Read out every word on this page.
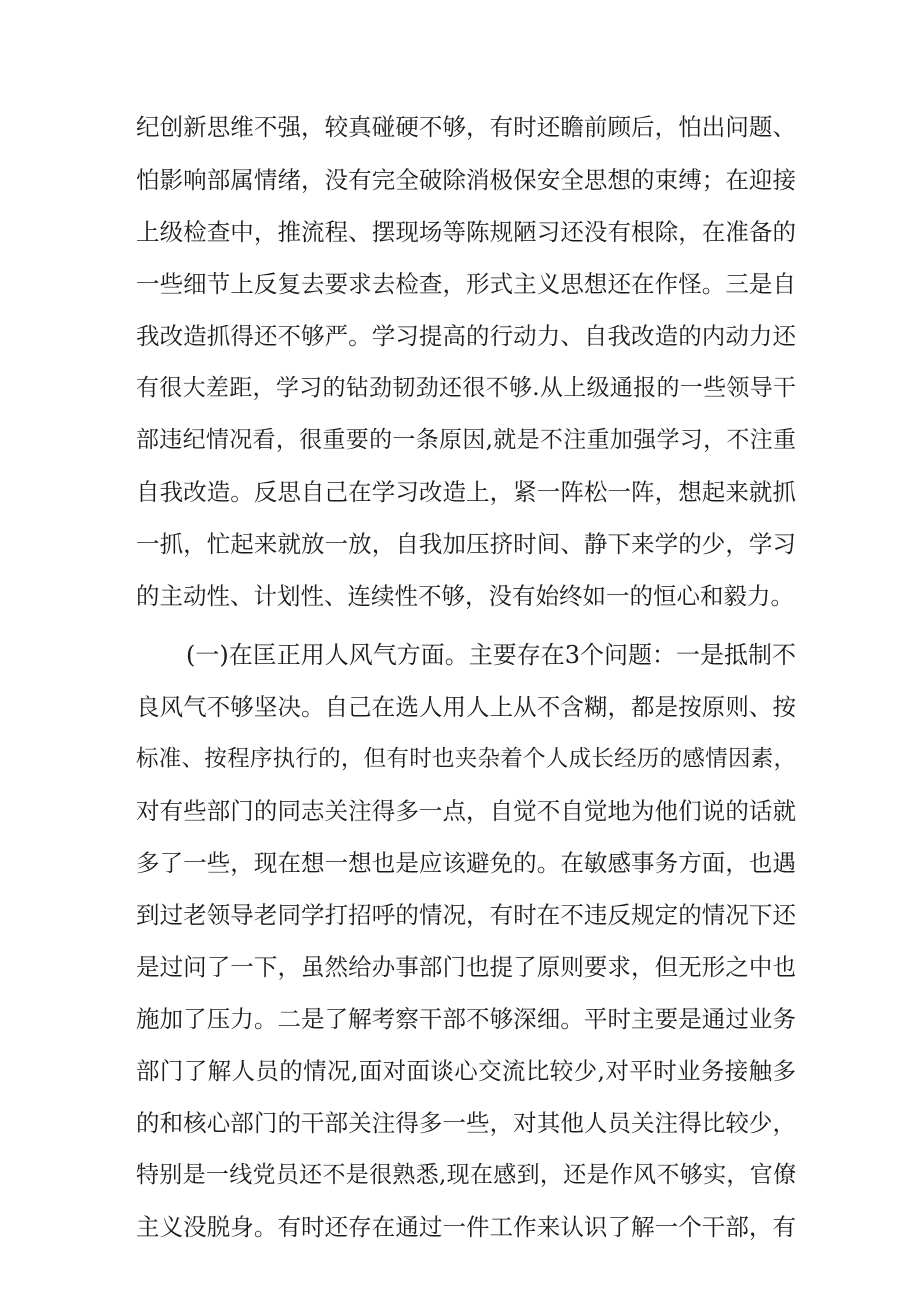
纪创新思维不强，较真碰硬不够，有时还瞻前顾后，怕出问题、
怕影响部属情绪，没有完全破除消极保安全思想的束缚；在迎接
上级检查中，推流程、摆现场等陈规陋习还没有根除，在准备的
一些细节上反复去要求去检查，形式主义思想还在作怪。三是自
我改造抓得还不够严。学习提高的行动力、自我改造的内动力还
有很大差距，学习的钻劲韧劲还很不够.从上级通报的一些领导干
部违纪情况看，很重要的一条原因,就是不注重加强学习，不注重
自我改造。反思自己在学习改造上，紧一阵松一阵，想起来就抓
一抓，忙起来就放一放，自我加压挤时间、静下来学的少，学习
的主动性、计划性、连续性不够，没有始终如一的恒心和毅力。
(一)在匡正用人风气方面。主要存在3个问题：一是抵制不
良风气不够坚决。自己在选人用人上从不含糊，都是按原则、按
标准、按程序执行的，但有时也夹杂着个人成长经历的感情因素，
对有些部门的同志关注得多一点，自觉不自觉地为他们说的话就
多了一些，现在想一想也是应该避免的。在敏感事务方面，也遇
到过老领导老同学打招呼的情况，有时在不违反规定的情况下还
是过问了一下，虽然给办事部门也提了原则要求，但无形之中也
施加了压力。二是了解考察干部不够深细。平时主要是通过业务
部门了解人员的情况,面对面谈心交流比较少,对平时业务接触多
的和核心部门的干部关注得多一些，对其他人员关注得比较少，
特别是一线党员还不是很熟悉,现在感到，还是作风不够实，官僚
主义没脱身。有时还存在通过一件工作来认识了解一个干部，有
